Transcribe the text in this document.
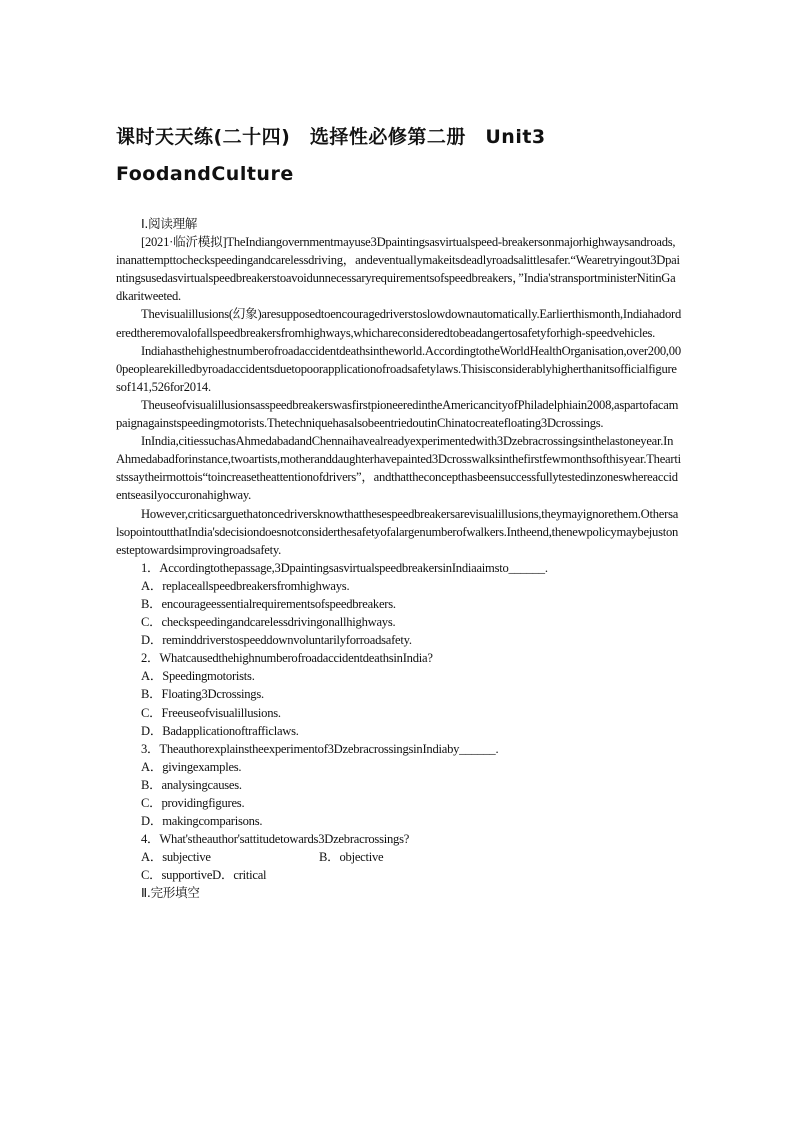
课时天天练(二十四)　选择性必修第二册　Unit3
FoodandCulture

Ⅰ.阅读理解

[2021·临沂模拟]TheIndiangovernmentmayuse3Dpaintingsasvirtualspeed-breakersonmajorhighwaysandroads,

inanattempttocheckspeedingandcarelessdriving，andeventuallymakeitsdeadlyroadsalittlesafer.“Wearetryingout3Dpaintingsusedasvirtualspeedbreakerstoavoidunnecessaryrequirementsofspeedbreakers，”India'stransportministerNitinGadkaritweeted.

Thevisualillusions(幻象)aresupposedtoencouragedriverstoslowdownautomatically.Earlierthismonth,Indiahadorderedtheremovalofallspeedbreakersfromhighways,whichareconsideredtobeadangertosafetyforhigh-speedvehicles.

Indiahasthehighestnumberofroadaccidentdeathsintheworld.AccordingtotheWorldHealthOrganisation,over200,000peoplearekilledbyroadaccidentsduetopoorapplicationofroadsafetylaws.Thisisconsiderablyhigherthanitsofficialfiguresof141,526for2014.

TheuseofvisualillusionsasspeedbreakerswasfirstpioneeredintheAmericancityofPhiladelphiain2008,aspartofacampaignagainstspeedingmotorists.ThetechniquehasalsobeentriedoutinChinatocreatefloating3Dcrossings.

InIndia,citiessuchasAhmedabadandChennaihavealreadyexperimentedwith3Dzebracrossingsinthelastoneyear.InAhmedabadforinstance,twoartists,motheranddaughterhavepainted3Dcrosswalksinthefirstfewmonthsofthisyear.Theartistssaytheirmottois“toincreasetheattentionofdrivers”，andthattheconcepthasbeensuccessfullytestedinzoneswhereaccidentseasilyoccuronahighway.

However,criticsarguethatoncedriversknowthatthesespeedbreakersarevisualillusions,theymayignorethem.OthersalsopointoutthatIndia'sdecisiondoesnotconsiderthesafetyofalargenumberofwalkers.Intheend,thenewpolicymaybejustonesteptowardsimprovingroadsafety.

1．Accordingtothepassage,3DpaintingsasvirtualspeedbreakersinIndiaaimsto______.

A．replaceallspeedbreakersfromhighways.

B．encourageessentialrequirementsofspeedbreakers.

C．checkspeedingandcarelessdrivingonallhighways.

D．reminddriverstospeeddownvoluntarilyforroadsafety.

2．WhatcausedthehighnumberofroadaccidentdeathsinIndia?

A．Speedingmotorists.

B．Floating3Dcrossings.

C．Freeuseofvisualillusions.

D．Badapplicationoftrafficlaws.

3．Theauthorexplainstheexperimentof3DzebracrossingsinIndiaby______.

A．givingexamples.

B．analysingcauses.

C．providingfigures.

D．makingcomparisons.

4．What'stheauthor'sattitudetowards3Dzebracrossings?

A．subjective	B．objective

C．supportiveD．critical

Ⅱ.完形填空
